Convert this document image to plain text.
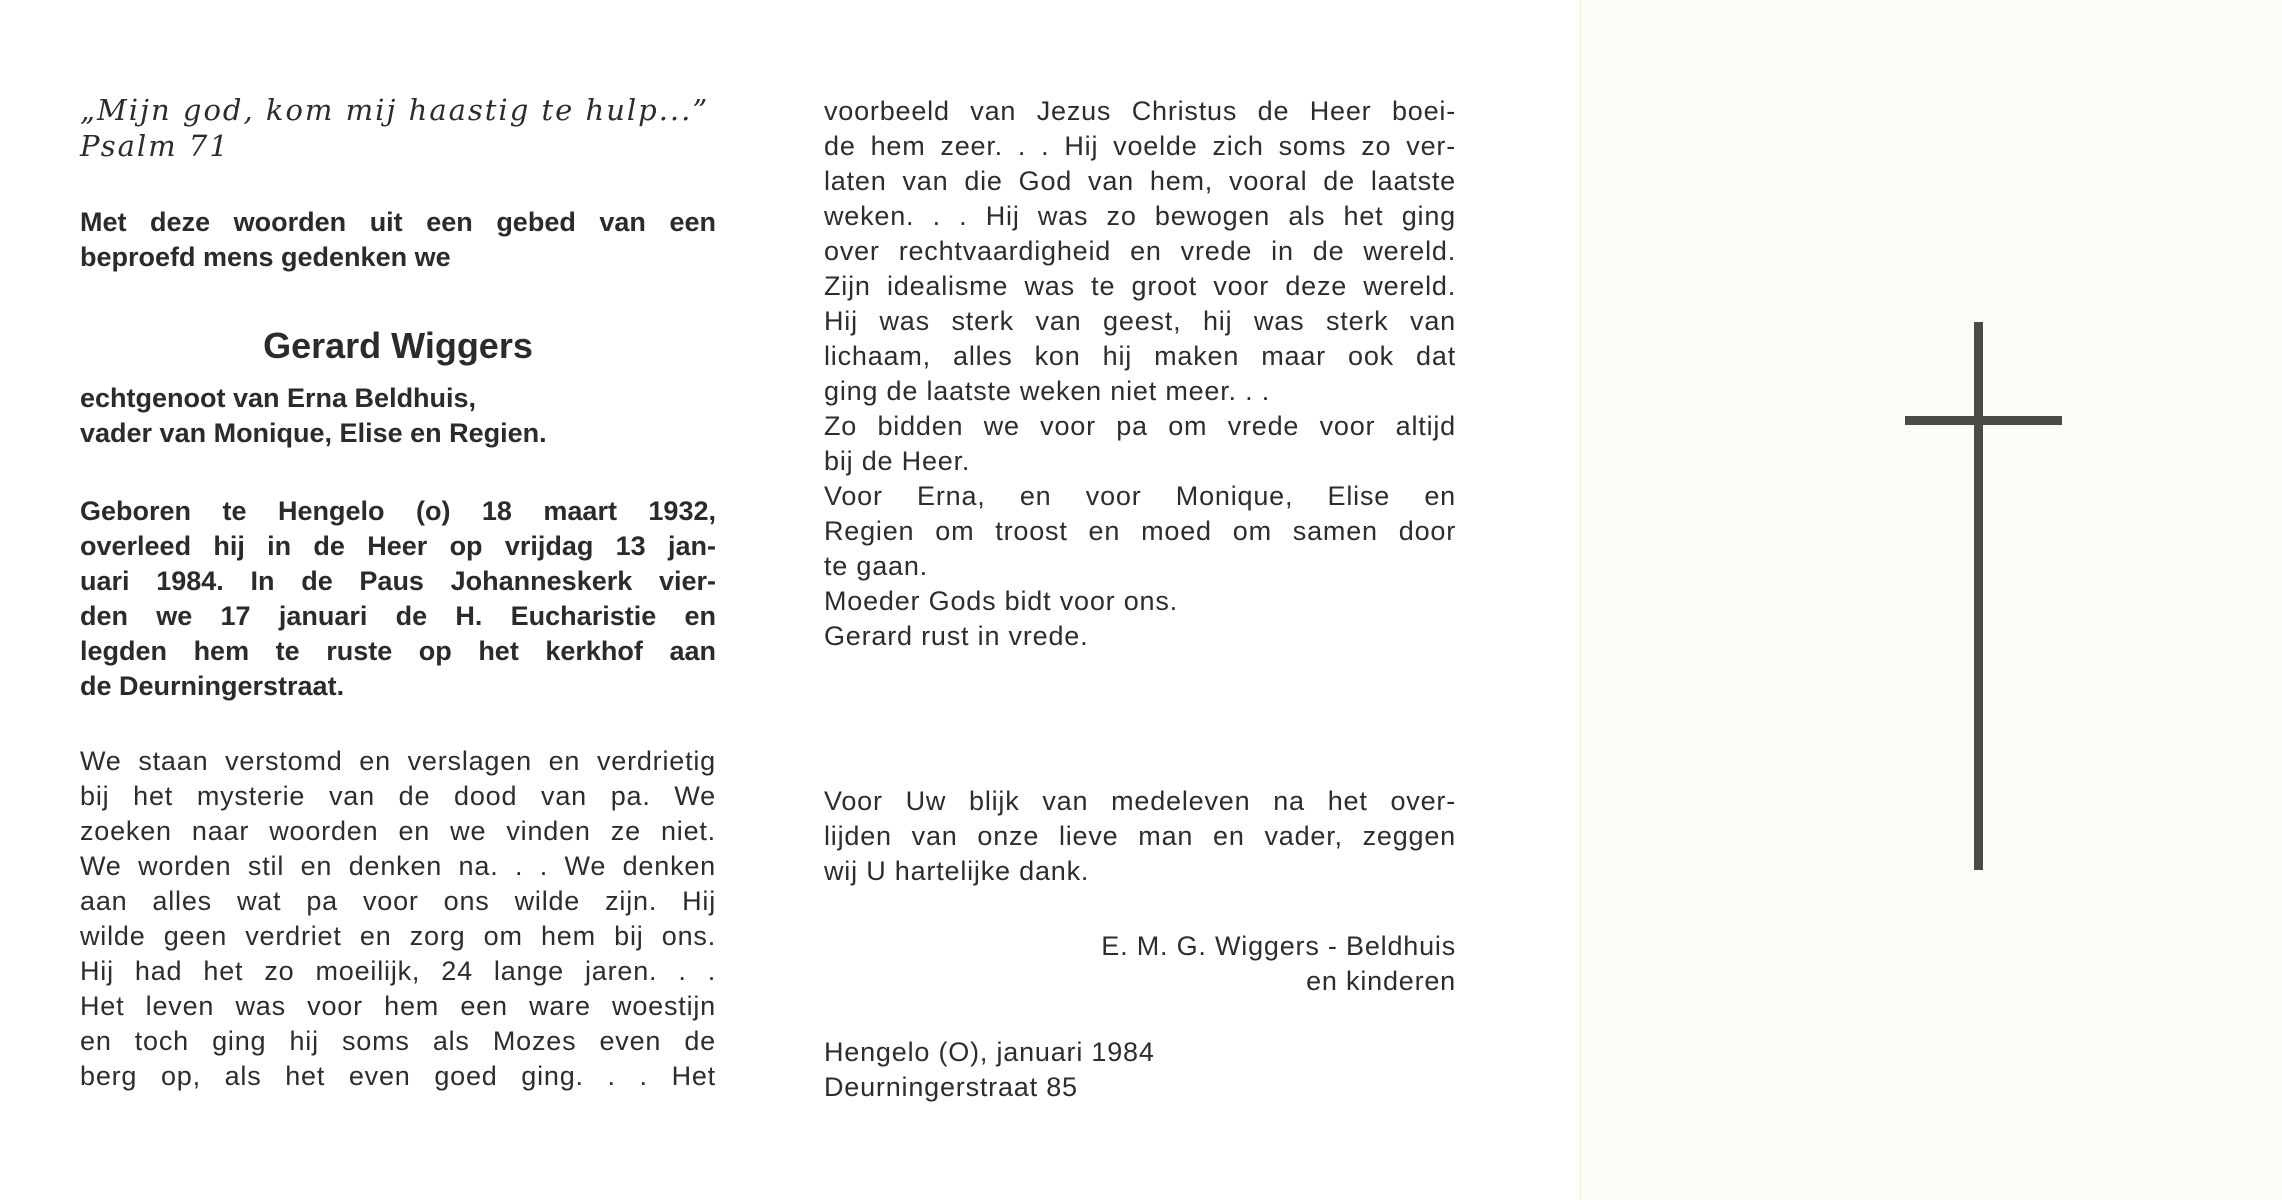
„Mijn god, kom mij haastig te hulp...”
Psalm 71
Met deze woorden uit een gebed van een
beproefd mens gedenken we
Gerard Wiggers
echtgenoot van Erna Beldhuis,
vader van Monique, Elise en Regien.
Geboren te Hengelo (o) 18 maart 1932,
overleed hij in de Heer op vrijdag 13 jan-
uari 1984. In de Paus Johanneskerk vier-
den we 17 januari de H. Eucharistie en
legden hem te ruste op het kerkhof aan
de Deurningerstraat.
We staan verstomd en verslagen en verdrietig
bij het mysterie van de dood van pa. We
zoeken naar woorden en we vinden ze niet.
We worden stil en denken na. . . We denken
aan alles wat pa voor ons wilde zijn. Hij
wilde geen verdriet en zorg om hem bij ons.
Hij had het zo moeilijk, 24 lange jaren. . .
Het leven was voor hem een ware woestijn
en toch ging hij soms als Mozes even de
berg op, als het even goed ging. . . Het
voorbeeld van Jezus Christus de Heer boei-
de hem zeer. . . Hij voelde zich soms zo ver-
laten van die God van hem, vooral de laatste
weken. . . Hij was zo bewogen als het ging
over rechtvaardigheid en vrede in de wereld.
Zijn idealisme was te groot voor deze wereld.
Hij was sterk van geest, hij was sterk van
lichaam, alles kon hij maken maar ook dat
ging de laatste weken niet meer. . .
Zo bidden we voor pa om vrede voor altijd
bij de Heer.
Voor Erna, en voor Monique, Elise en
Regien om troost en moed om samen door
te gaan.
Moeder Gods bidt voor ons.
Gerard rust in vrede.
Voor Uw blijk van medeleven na het over-
lijden van onze lieve man en vader, zeggen
wij U hartelijke dank.
E. M. G. Wiggers - Beldhuis
en kinderen
Hengelo (O), januari 1984
Deurningerstraat 85
